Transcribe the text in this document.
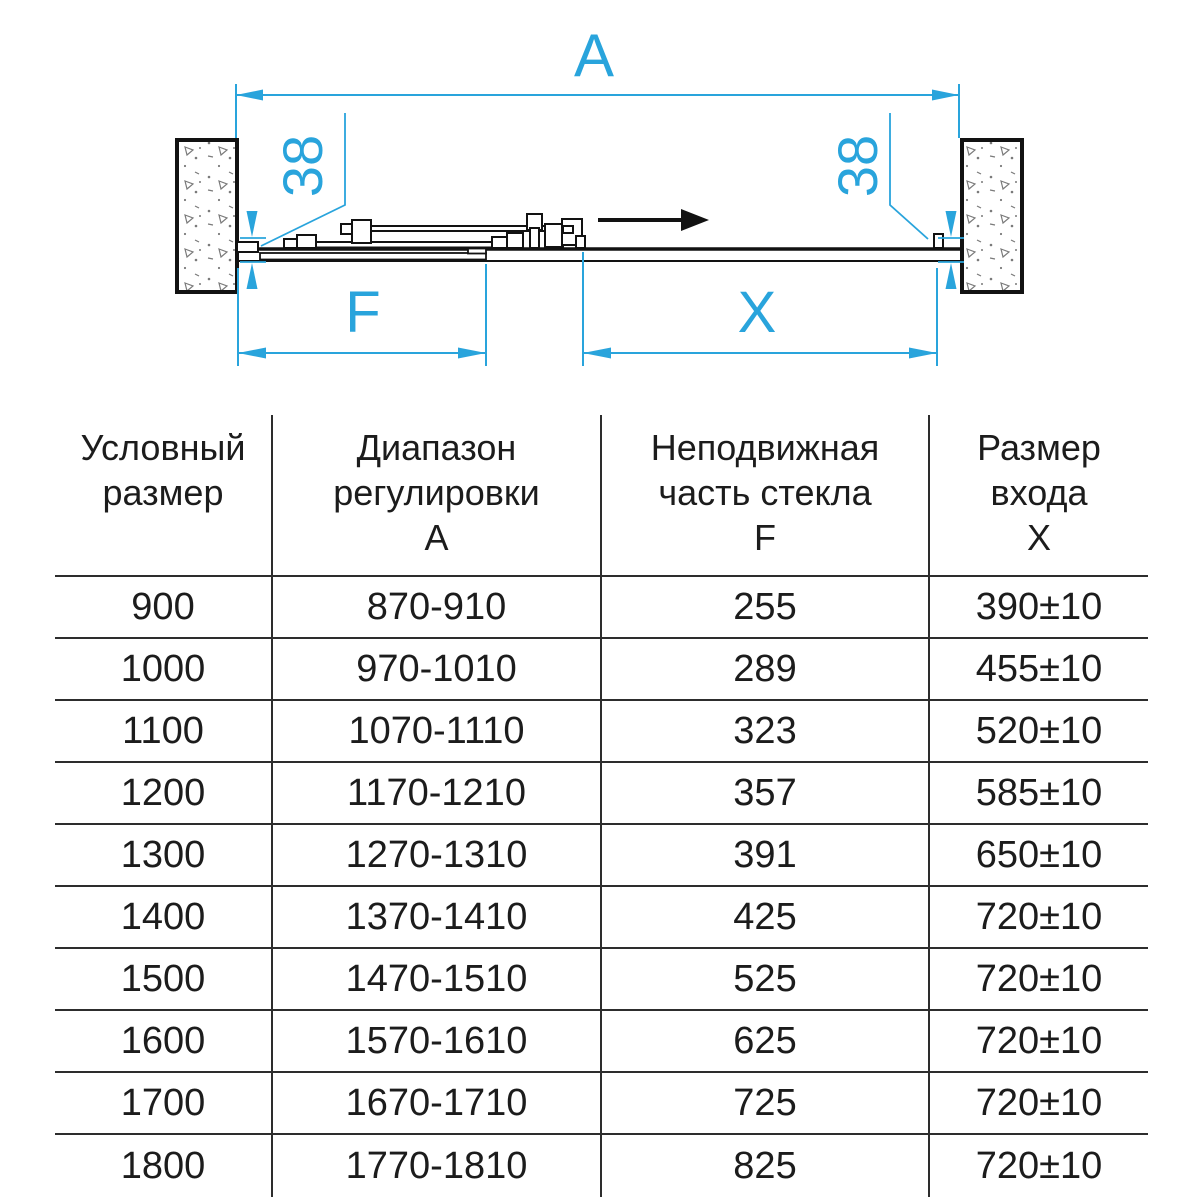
A
38	38
F	X
Условный
размер

Диапазон
регулировки
А

Неподвижная
часть стекла
F

Размер
входа
X

900	870-910	255	390±10
1000	970-1010	289	455±10
1100	1070-1110	323	520±10
1200	1170-1210	357	585±10
1300	1270-1310	391	650±10
1400	1370-1410	425	720±10
1500	1470-1510	525	720±10
1600	1570-1610	625	720±10
1700	1670-1710	725	720±10
1800	1770-1810	825	720±10
